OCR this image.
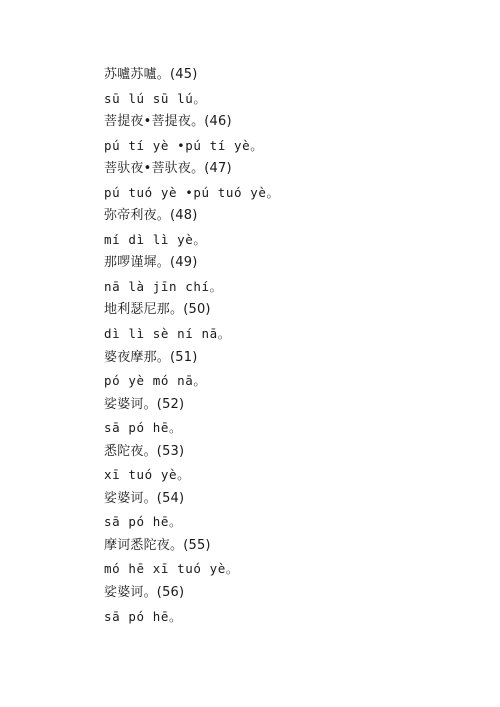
苏嚧苏嚧。(45)
sū lú sū lú。
菩提夜•菩提夜。(46)
pú tí yè •pú tí yè。
菩驮夜•菩驮夜。(47)
pú tuó yè •pú tuó yè。
弥帝利夜。(48)
mí dì lì yè。
那啰谨墀。(49)
nā là jīn chí。
地利瑟尼那。(50)
dì lì sè ní nā。
婆夜摩那。(51)
pó yè mó nā。
娑婆诃。(52)
sā pó hē。
悉陀夜。(53)
xī tuó yè。
娑婆诃。(54)
sā pó hē。
摩诃悉陀夜。(55)
mó hē xī tuó yè。
娑婆诃。(56)
sā pó hē。
